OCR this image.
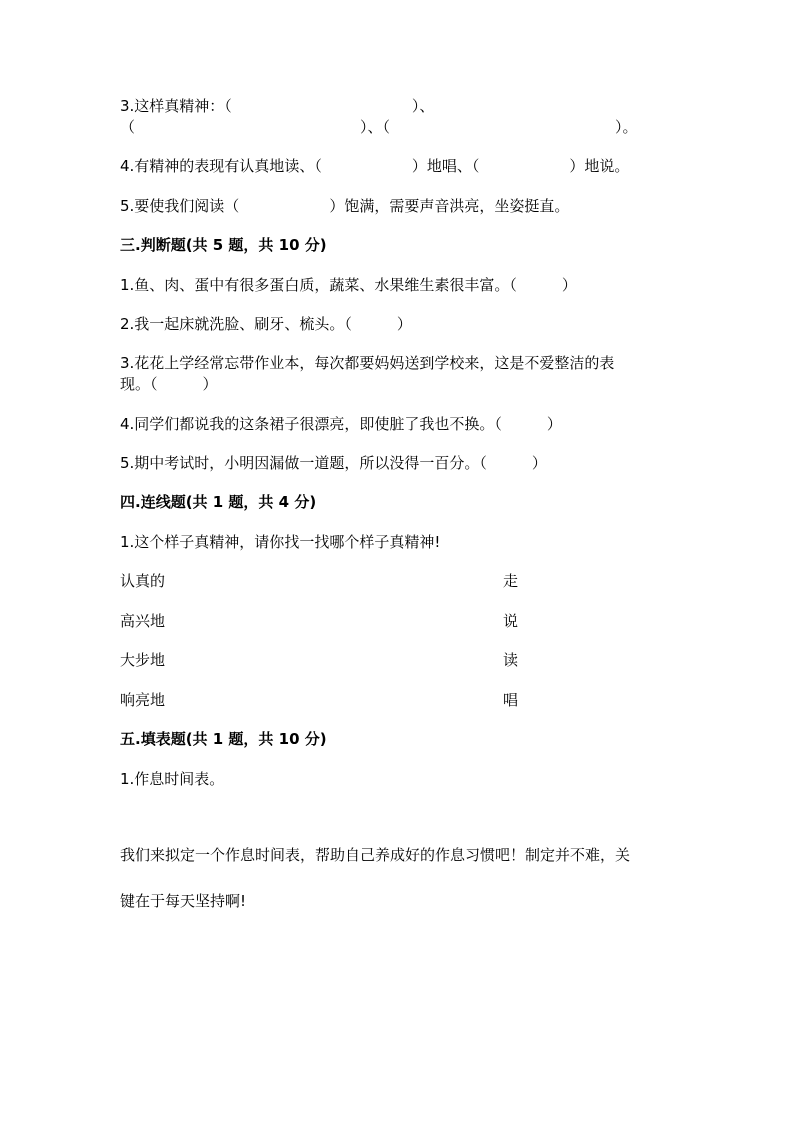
3.这样真精神：（　　　　　　　　　　　　）、
（　　　　　　　　　　　　　　　）、（　　　　　　　　　　　　　　　）。
4.有精神的表现有认真地读、（　　　　　　）地唱、（　　　　　　）地说。
5.要使我们阅读（　　　　　　）饱满，需要声音洪亮，坐姿挺直。
三.判断题(共 5 题，共 10 分)
1.鱼、肉、蛋中有很多蛋白质，蔬菜、水果维生素很丰富。（　　　）
2.我一起床就洗脸、刷牙、梳头。（　　　）
3.花花上学经常忘带作业本，每次都要妈妈送到学校来，这是不爱整洁的表
现。（　　　）
4.同学们都说我的这条裙子很漂亮，即使脏了我也不换。（　　　）
5.期中考试时，小明因漏做一道题，所以没得一百分。（　　　）
四.连线题(共 1 题，共 4 分)
1.这个样子真精神，请你找一找哪个样子真精神!
认真的
高兴地
大步地
响亮地
走
说
读
唱
五.填表题(共 1 题，共 10 分)
1.作息时间表。
我们来拟定一个作息时间表，帮助自己养成好的作息习惯吧！制定并不难，关
键在于每天坚持啊!
